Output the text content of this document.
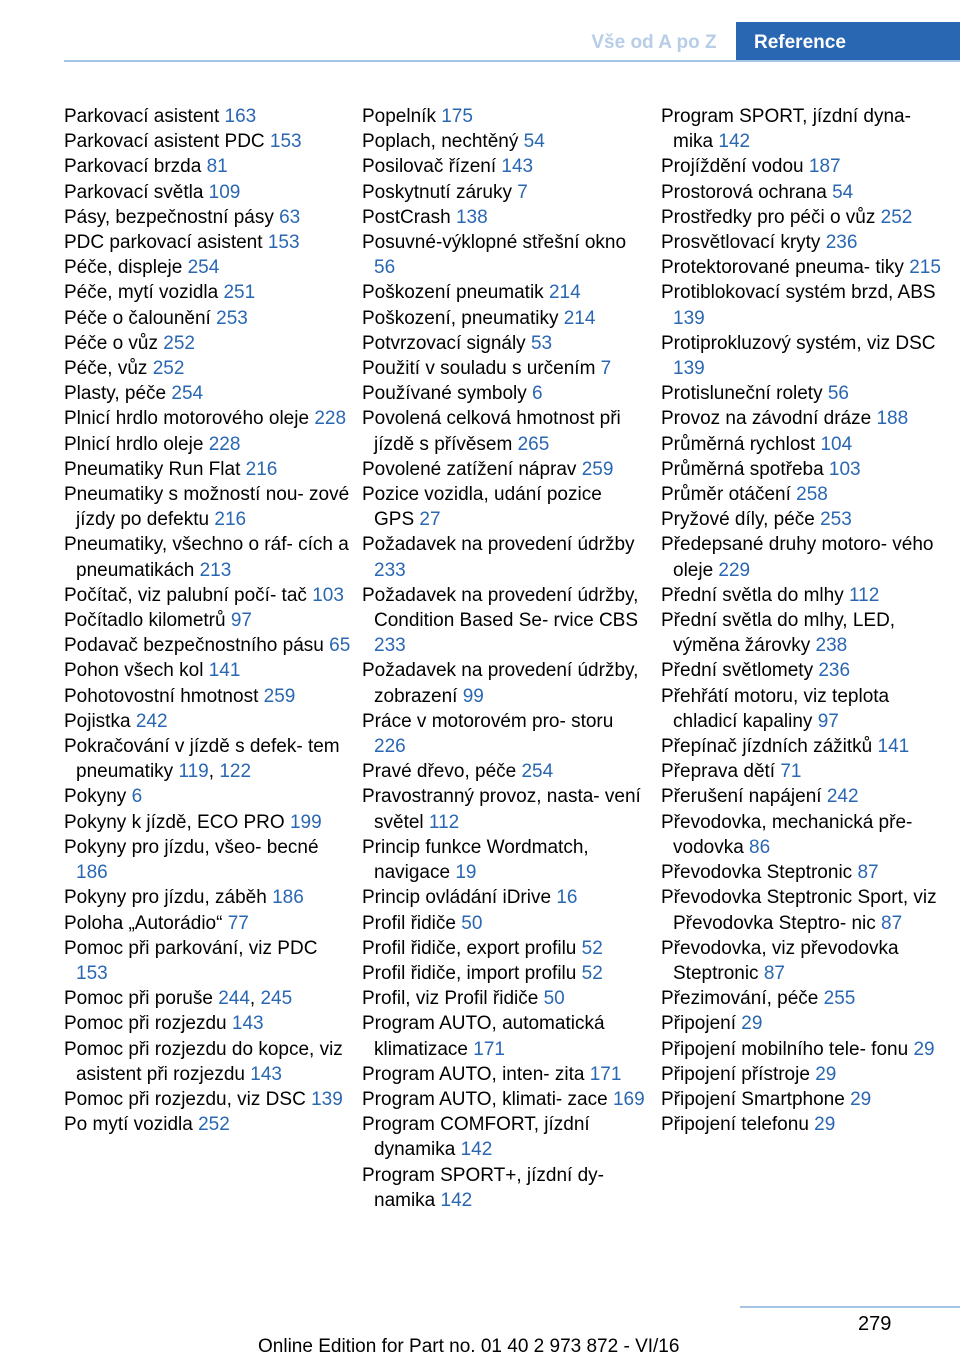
Vše od A po Z	Reference
Parkovací asistent 163
Parkovací asistent PDC 153
Parkovací brzda 81
Parkovací světla 109
Pásy, bezpečnostní pásy 63
PDC parkovací asistent 153
Péče, displeje 254
Péče, mytí vozidla 251
Péče o čalounění 253
Péče o vůz 252
Péče, vůz 252
Plasty, péče 254
Plnicí hrdlo motorového oleje 228
Plnicí hrdlo oleje 228
Pneumatiky Run Flat 216
Pneumatiky s možností nou- zové jízdy po defektu 216
Pneumatiky, všechno o ráf- cích a pneumatikách 213
Počítač, viz palubní počí- tač 103
Počítadlo kilometrů 97
Podavač bezpečnostního pásu 65
Pohon všech kol 141
Pohotovostní hmotnost 259
Pojistka 242
Pokračování v jízdě s defek- tem pneumatiky 119, 122
Pokyny 6
Pokyny k jízdě, ECO PRO 199
Pokyny pro jízdu, všeo- becné 186
Pokyny pro jízdu, záběh 186
Poloha „Autorádio“ 77
Pomoc při parkování, viz PDC 153
Pomoc při poruše 244, 245
Pomoc při rozjezdu 143
Pomoc při rozjezdu do kopce, viz asistent při rozjezdu 143
Pomoc při rozjezdu, viz DSC 139
Po mytí vozidla 252
Popelník 175
Poplach, nechtěný 54
Posilovač řízení 143
Poskytnutí záruky 7
PostCrash 138
Posuvné-výklopné střešní okno 56
Poškození pneumatik 214
Poškození, pneumatiky 214
Potvrzovací signály 53
Použití v souladu s určením 7
Používané symboly 6
Povolená celková hmotnost při jízdě s přívěsem 265
Povolené zatížení náprav 259
Pozice vozidla, udání pozice GPS 27
Požadavek na provedení údržby 233
Požadavek na provedení údržby, Condition Based Se- rvice CBS 233
Požadavek na provedení údržby, zobrazení 99
Práce v motorovém pro- storu 226
Pravé dřevo, péče 254
Pravostranný provoz, nasta- vení světel 112
Princip funkce Wordmatch, navigace 19
Princip ovládání iDrive 16
Profil řidiče 50
Profil řidiče, export profilu 52
Profil řidiče, import profilu 52
Profil, viz Profil řidiče 50
Program AUTO, automatická klimatizace 171
Program AUTO, inten- zita 171
Program AUTO, klimati- zace 169
Program COMFORT, jízdní dynamika 142
Program SPORT+, jízdní dy- namika 142
Program SPORT, jízdní dyna- mika 142
Projíždění vodou 187
Prostorová ochrana 54
Prostředky pro péči o vůz 252
Prosvětlovací kryty 236
Protektorované pneuma- tiky 215
Protiblokovací systém brzd, ABS 139
Protiprokluzový systém, viz DSC 139
Protisluneční rolety 56
Provoz na závodní dráze 188
Průměrná rychlost 104
Průměrná spotřeba 103
Průměr otáčení 258
Pryžové díly, péče 253
Předepsané druhy motoro- vého oleje 229
Přední světla do mlhy 112
Přední světla do mlhy, LED, výměna žárovky 238
Přední světlomety 236
Přehřátí motoru, viz teplota chladicí kapaliny 97
Přepínač jízdních zážitků 141
Přeprava dětí 71
Přerušení napájení 242
Převodovka, mechanická pře- vodovka 86
Převodovka Steptronic 87
Převodovka Steptronic Sport, viz Převodovka Steptro- nic 87
Převodovka, viz převodovka Steptronic 87
Přezimování, péče 255
Připojení 29
Připojení mobilního tele- fonu 29
Připojení přístroje 29
Připojení Smartphone 29
Připojení telefonu 29
279
Online Edition for Part no. 01 40 2 973 872 - VI/16
